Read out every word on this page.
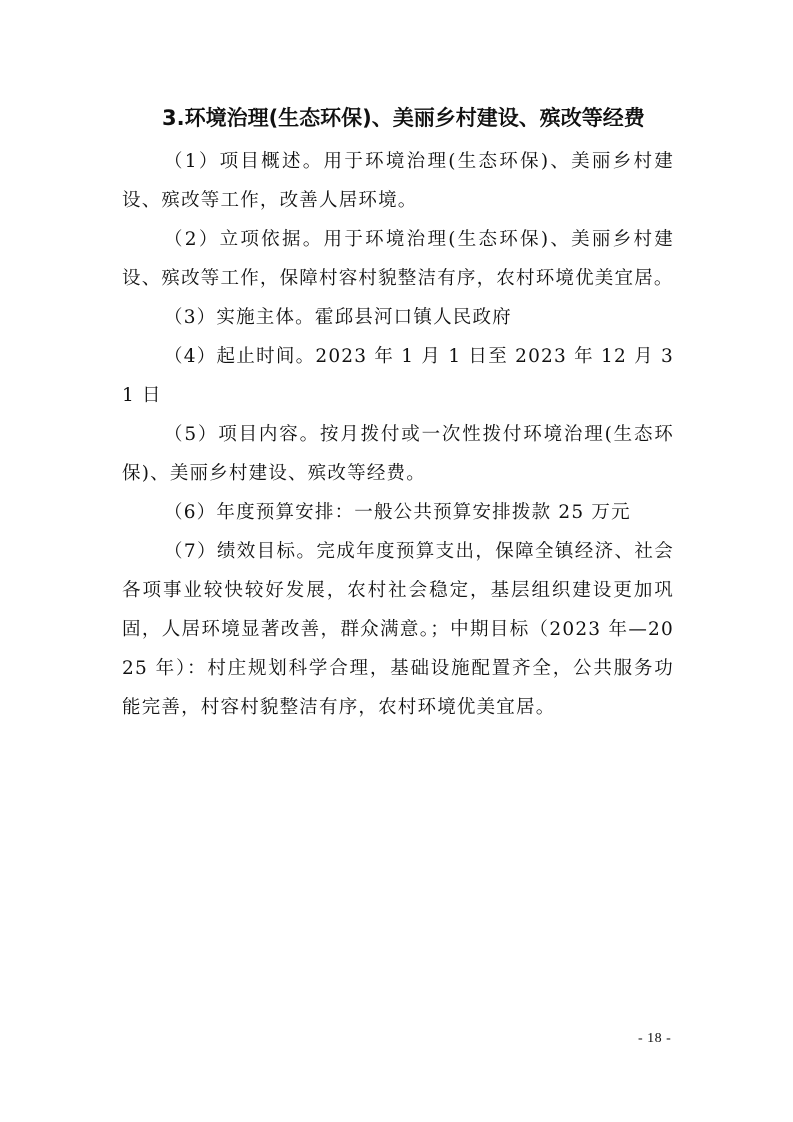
3.环境治理(生态环保)、美丽乡村建设、殡改等经费

（1）项目概述。用于环境治理(生态环保)、美丽乡村建设、殡改等工作，改善人居环境。

（2）立项依据。用于环境治理(生态环保)、美丽乡村建设、殡改等工作，保障村容村貌整洁有序，农村环境优美宜居。

（3）实施主体。霍邱县河口镇人民政府

（4）起止时间。2023 年 1 月 1 日至 2023 年 12 月 31 日

（5）项目内容。按月拨付或一次性拨付环境治理(生态环保)、美丽乡村建设、殡改等经费。

（6）年度预算安排：一般公共预算安排拨款 25 万元

（7）绩效目标。完成年度预算支出，保障全镇经济、社会各项事业较快较好发展，农村社会稳定，基层组织建设更加巩固，人居环境显著改善，群众满意。；中期目标（2023 年—2025 年）：村庄规划科学合理，基础设施配置齐全，公共服务功能完善，村容村貌整洁有序，农村环境优美宜居。

- 18 -
